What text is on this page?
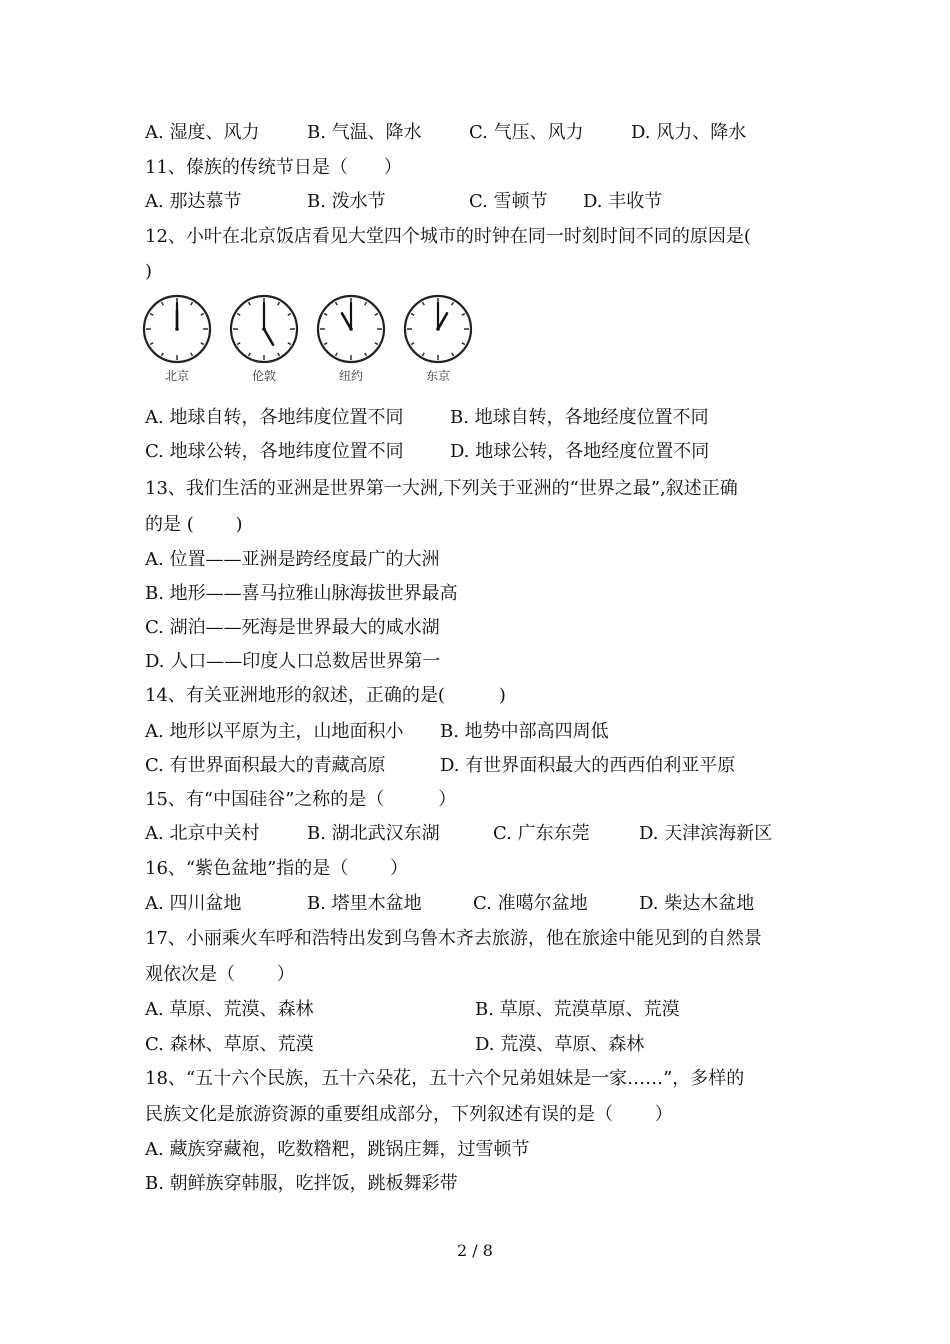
A. 湿度、风力	B. 气温、降水	C. 气压、风力	D. 风力、降水

11、傣族的传统节日是（　　）

A. 那达慕节	B. 泼水节	C. 雪顿节 D. 丰收节

12、小叶在北京饭店看见大堂四个城市的时钟在同一时刻时间不同的原因是(

)

北京	伦敦	纽约	东京
A. 地球自转，各地纬度位置不同	B. 地球自转，各地经度位置不同
C. 地球公转，各地纬度位置不同	D. 地球公转，各地经度位置不同

13、我们生活的亚洲是世界第一大洲,下列关于亚洲的“世界之最”,叙述正确

的是 (　　 )

A. 位置——亚洲是跨经度最广的大洲

B. 地形——喜马拉雅山脉海拔世界最高

C. 湖泊——死海是世界最大的咸水湖

D. 人口——印度人口总数居世界第一

14、有关亚洲地形的叙述，正确的是(　　　)

A. 地形以平原为主，山地面积小 B. 地势中部高四周低
C. 有世界面积最大的青藏高原	D. 有世界面积最大的西西伯利亚平原

15、有“中国硅谷”之称的是（　　　）

A. 北京中关村	B. 湖北武汉东湖	C. 广东东莞	D. 天津滨海新区

16、“紫色盆地”指的是（　　 ）

A. 四川盆地	B. 塔里木盆地	C. 准噶尔盆地	D. 柴达木盆地

17、小丽乘火车呼和浩特出发到乌鲁木齐去旅游，他在旅途中能见到的自然景

观依次是（　　 ）

A. 草原、荒漠、森林	B. 草原、荒漠草原、荒漠
C. 森林、草原、荒漠	D. 荒漠、草原、森林

18、“五十六个民族，五十六朵花，五十六个兄弟姐妹是一家……”，多样的

民族文化是旅游资源的重要组成部分，下列叙述有误的是（　　 ）

A. 藏族穿藏袍，吃数糌粑，跳锅庄舞，过雪顿节

B. 朝鲜族穿韩服，吃拌饭，跳板舞彩带

2 / 8
